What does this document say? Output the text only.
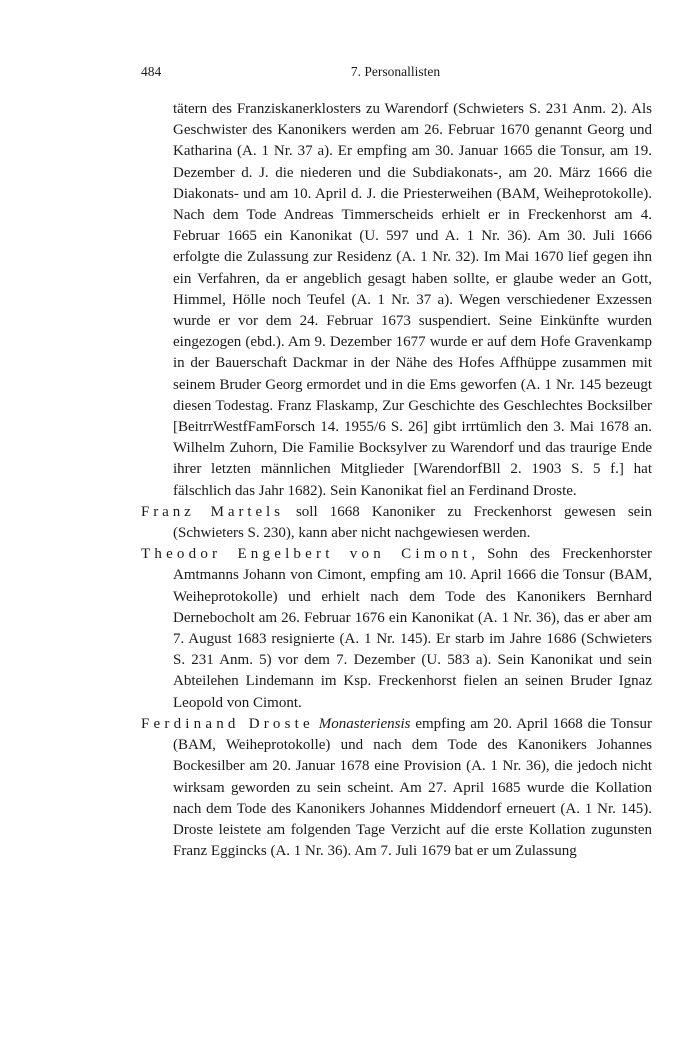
484	7. Personallisten

tätern des Franziskanerklosters zu Warendorf (Schwieters S. 231 Anm. 2). Als Geschwister des Kanonikers werden am 26. Februar 1670 genannt Georg und Katharina (A. 1 Nr. 37 a). Er empfing am 30. Januar 1665 die Tonsur, am 19. Dezember d. J. die niederen und die Subdiakonats-, am 20. März 1666 die Diakonats- und am 10. April d. J. die Priesterweihen (BAM, Weiheprotokolle). Nach dem Tode Andreas Timmerscheids erhielt er in Freckenhorst am 4. Februar 1665 ein Kanonikat (U. 597 und A. 1 Nr. 36). Am 30. Juli 1666 erfolgte die Zulassung zur Residenz (A. 1 Nr. 32). Im Mai 1670 lief gegen ihn ein Verfahren, da er angeblich gesagt haben sollte, er glaube weder an Gott, Himmel, Hölle noch Teufel (A. 1 Nr. 37 a). Wegen verschiedener Exzessen wurde er vor dem 24. Februar 1673 suspendiert. Seine Einkünfte wurden eingezogen (ebd.). Am 9. Dezember 1677 wurde er auf dem Hofe Gravenkamp in der Bauerschaft Dackmar in der Nähe des Hofes Affhüppe zusammen mit seinem Bruder Georg ermordet und in die Ems geworfen (A. 1 Nr. 145 bezeugt diesen Todestag. Franz Flaskamp, Zur Geschichte des Geschlechtes Bocksilber [BeitrrWestfFamForsch 14. 1955/6 S. 26] gibt irrtümlich den 3. Mai 1678 an. Wilhelm Zuhorn, Die Familie Bocksylver zu Warendorf und das traurige Ende ihrer letzten männlichen Mitglieder [WarendorfBll 2. 1903 S. 5 f.] hat fälschlich das Jahr 1682). Sein Kanonikat fiel an Ferdinand Droste.

Franz Martels soll 1668 Kanoniker zu Freckenhorst gewesen sein (Schwieters S. 230), kann aber nicht nachgewiesen werden.

Theodor Engelbert von Cimont, Sohn des Freckenhorster Amtmanns Johann von Cimont, empfing am 10. April 1666 die Tonsur (BAM, Weiheprotokolle) und erhielt nach dem Tode des Kanonikers Bernhard Dernebocholt am 26. Februar 1676 ein Kanonikat (A. 1 Nr. 36), das er aber am 7. August 1683 resignierte (A. 1 Nr. 145). Er starb im Jahre 1686 (Schwieters S. 231 Anm. 5) vor dem 7. Dezember (U. 583 a). Sein Kanonikat und sein Abteilehen Lindemann im Ksp. Freckenhorst fielen an seinen Bruder Ignaz Leopold von Cimont.

Ferdinand Droste Monasteriensis empfing am 20. April 1668 die Tonsur (BAM, Weiheprotokolle) und nach dem Tode des Kanonikers Johannes Bockesilber am 20. Januar 1678 eine Provision (A. 1 Nr. 36), die jedoch nicht wirksam geworden zu sein scheint. Am 27. April 1685 wurde die Kollation nach dem Tode des Kanonikers Johannes Middendorf erneuert (A. 1 Nr. 145). Droste leistete am folgenden Tage Verzicht auf die erste Kollation zugunsten Franz Eggincks (A. 1 Nr. 36). Am 7. Juli 1679 bat er um Zulassung
